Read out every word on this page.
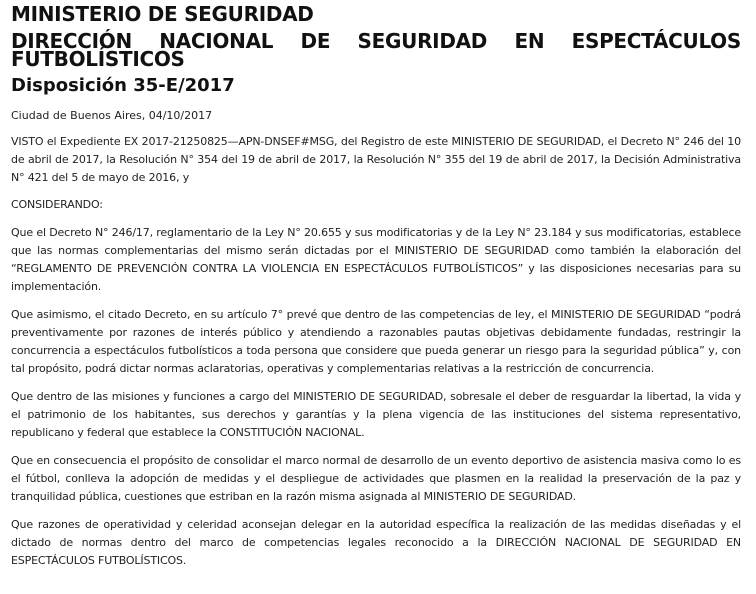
MINISTERIO DE SEGURIDAD
DIRECCIÓN NACIONAL DE SEGURIDAD EN ESPECTÁCULOS FUTBOLÍSTICOS
Disposición 35-E/2017

Ciudad de Buenos Aires, 04/10/2017

VISTO el Expediente EX 2017-21250825—APN-DNSEF#MSG, del Registro de este MINISTERIO DE SEGURIDAD, el Decreto N° 246 del 10 de abril de 2017, la Resolución N° 354 del 19 de abril de 2017, la Resolución N° 355 del 19 de abril de 2017, la Decisión Administrativa N° 421 del 5 de mayo de 2016, y

CONSIDERANDO:

Que el Decreto N° 246/17, reglamentario de la Ley N° 20.655 y sus modificatorias y de la Ley N° 23.184 y sus modificatorias, establece que las normas complementarias del mismo serán dictadas por el MINISTERIO DE SEGURIDAD como también la elaboración del “REGLAMENTO DE PREVENCIÓN CONTRA LA VIOLENCIA EN ESPECTÁCULOS FUTBOLÍSTICOS” y las disposiciones necesarias para su implementación.

Que asimismo, el citado Decreto, en su artículo 7° prevé que dentro de las competencias de ley, el MINISTERIO DE SEGURIDAD “podrá preventivamente por razones de interés público y atendiendo a razonables pautas objetivas debidamente fundadas, restringir la concurrencia a espectáculos futbolísticos a toda persona que considere que pueda generar un riesgo para la seguridad pública” y, con tal propósito, podrá dictar normas aclaratorias, operativas y complementarias relativas a la restricción de concurrencia.

Que dentro de las misiones y funciones a cargo del MINISTERIO DE SEGURIDAD, sobresale el deber de resguardar la libertad, la vida y el patrimonio de los habitantes, sus derechos y garantías y la plena vigencia de las instituciones del sistema representativo, republicano y federal que establece la CONSTITUCIÓN NACIONAL.

Que en consecuencia el propósito de consolidar el marco normal de desarrollo de un evento deportivo de asistencia masiva como lo es el fútbol, conlleva la adopción de medidas y el despliegue de actividades que plasmen en la realidad la preservación de la paz y tranquilidad pública, cuestiones que estriban en la razón misma asignada al MINISTERIO DE SEGURIDAD.

Que razones de operatividad y celeridad aconsejan delegar en la autoridad específica la realización de las medidas diseñadas y el dictado de normas dentro del marco de competencias legales reconocido a la DIRECCIÓN NACIONAL DE SEGURIDAD EN ESPECTÁCULOS FUTBOLÍSTICOS.
